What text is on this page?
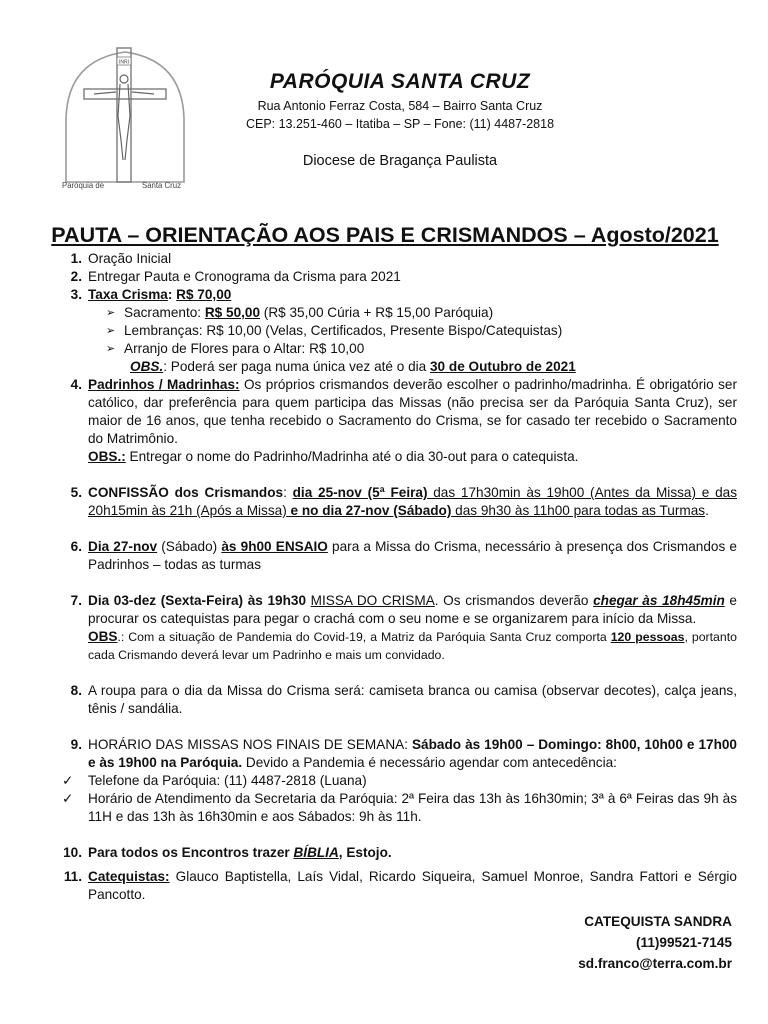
INRI
Paróquia de	Santa Cruz
PARÓQUIA SANTA CRUZ
Rua Antonio Ferraz Costa, 584 – Bairro Santa Cruz
CEP: 13.251-460 – Itatiba – SP – Fone: (11) 4487-2818
Diocese de Bragança Paulista
PAUTA – ORIENTAÇÃO AOS PAIS E CRISMANDOS – Agosto/2021
1. Oração Inicial
2. Entregar Pauta e Cronograma da Crisma para 2021
3. Taxa Crisma: R$ 70,00
➢ Sacramento: R$ 50,00 (R$ 35,00 Cúria + R$ 15,00 Paróquia)
➢ Lembranças: R$ 10,00 (Velas, Certificados, Presente Bispo/Catequistas)
➢ Arranjo de Flores para o Altar: R$ 10,00
OBS.: Poderá ser paga numa única vez até o dia 30 de Outubro de 2021
4. Padrinhos / Madrinhas: Os próprios crismandos deverão escolher o padrinho/madrinha. É obrigatório ser católico, dar preferência para quem participa das Missas (não precisa ser da Paróquia Santa Cruz), ser maior de 16 anos, que tenha recebido o Sacramento do Crisma, se for casado ter recebido o Sacramento do Matrimônio.
OBS.: Entregar o nome do Padrinho/Madrinha até o dia 30-out para o catequista.
5. CONFISSÃO dos Crismandos: dia 25-nov (5ª Feira) das 17h30min às 19h00 (Antes da Missa) e das 20h15min às 21h (Após a Missa) e no dia 27-nov (Sábado) das 9h30 às 11h00 para todas as Turmas.
6. Dia 27-nov (Sábado) às 9h00 ENSAIO para a Missa do Crisma, necessário à presença dos Crismandos e Padrinhos – todas as turmas
7. Dia 03-dez (Sexta-Feira) às 19h30 MISSA DO CRISMA. Os crismandos deverão chegar às 18h45min e procurar os catequistas para pegar o crachá com o seu nome e se organizarem para início da Missa.
OBS.: Com a situação de Pandemia do Covid-19, a Matriz da Paróquia Santa Cruz comporta 120 pessoas, portanto cada Crismando deverá levar um Padrinho e mais um convidado.
8. A roupa para o dia da Missa do Crisma será: camiseta branca ou camisa (observar decotes), calça jeans, tênis / sandália.
9. HORÁRIO DAS MISSAS NOS FINAIS DE SEMANA: Sábado às 19h00 – Domingo: 8h00, 10h00 e 17h00 e às 19h00 na Paróquia. Devido a Pandemia é necessário agendar com antecedência:
✓ Telefone da Paróquia: (11) 4487-2818 (Luana)
✓ Horário de Atendimento da Secretaria da Paróquia: 2ª Feira das 13h às 16h30min; 3ª à 6ª Feiras das 9h às 11H e das 13h às 16h30min e aos Sábados: 9h às 11h.
10. Para todos os Encontros trazer BÍBLIA, Estojo.
11. Catequistas: Glauco Baptistella, Laís Vidal, Ricardo Siqueira, Samuel Monroe, Sandra Fattori e Sérgio Pancotto.
CATEQUISTA SANDRA
(11)99521-7145
sd.franco@terra.com.br
